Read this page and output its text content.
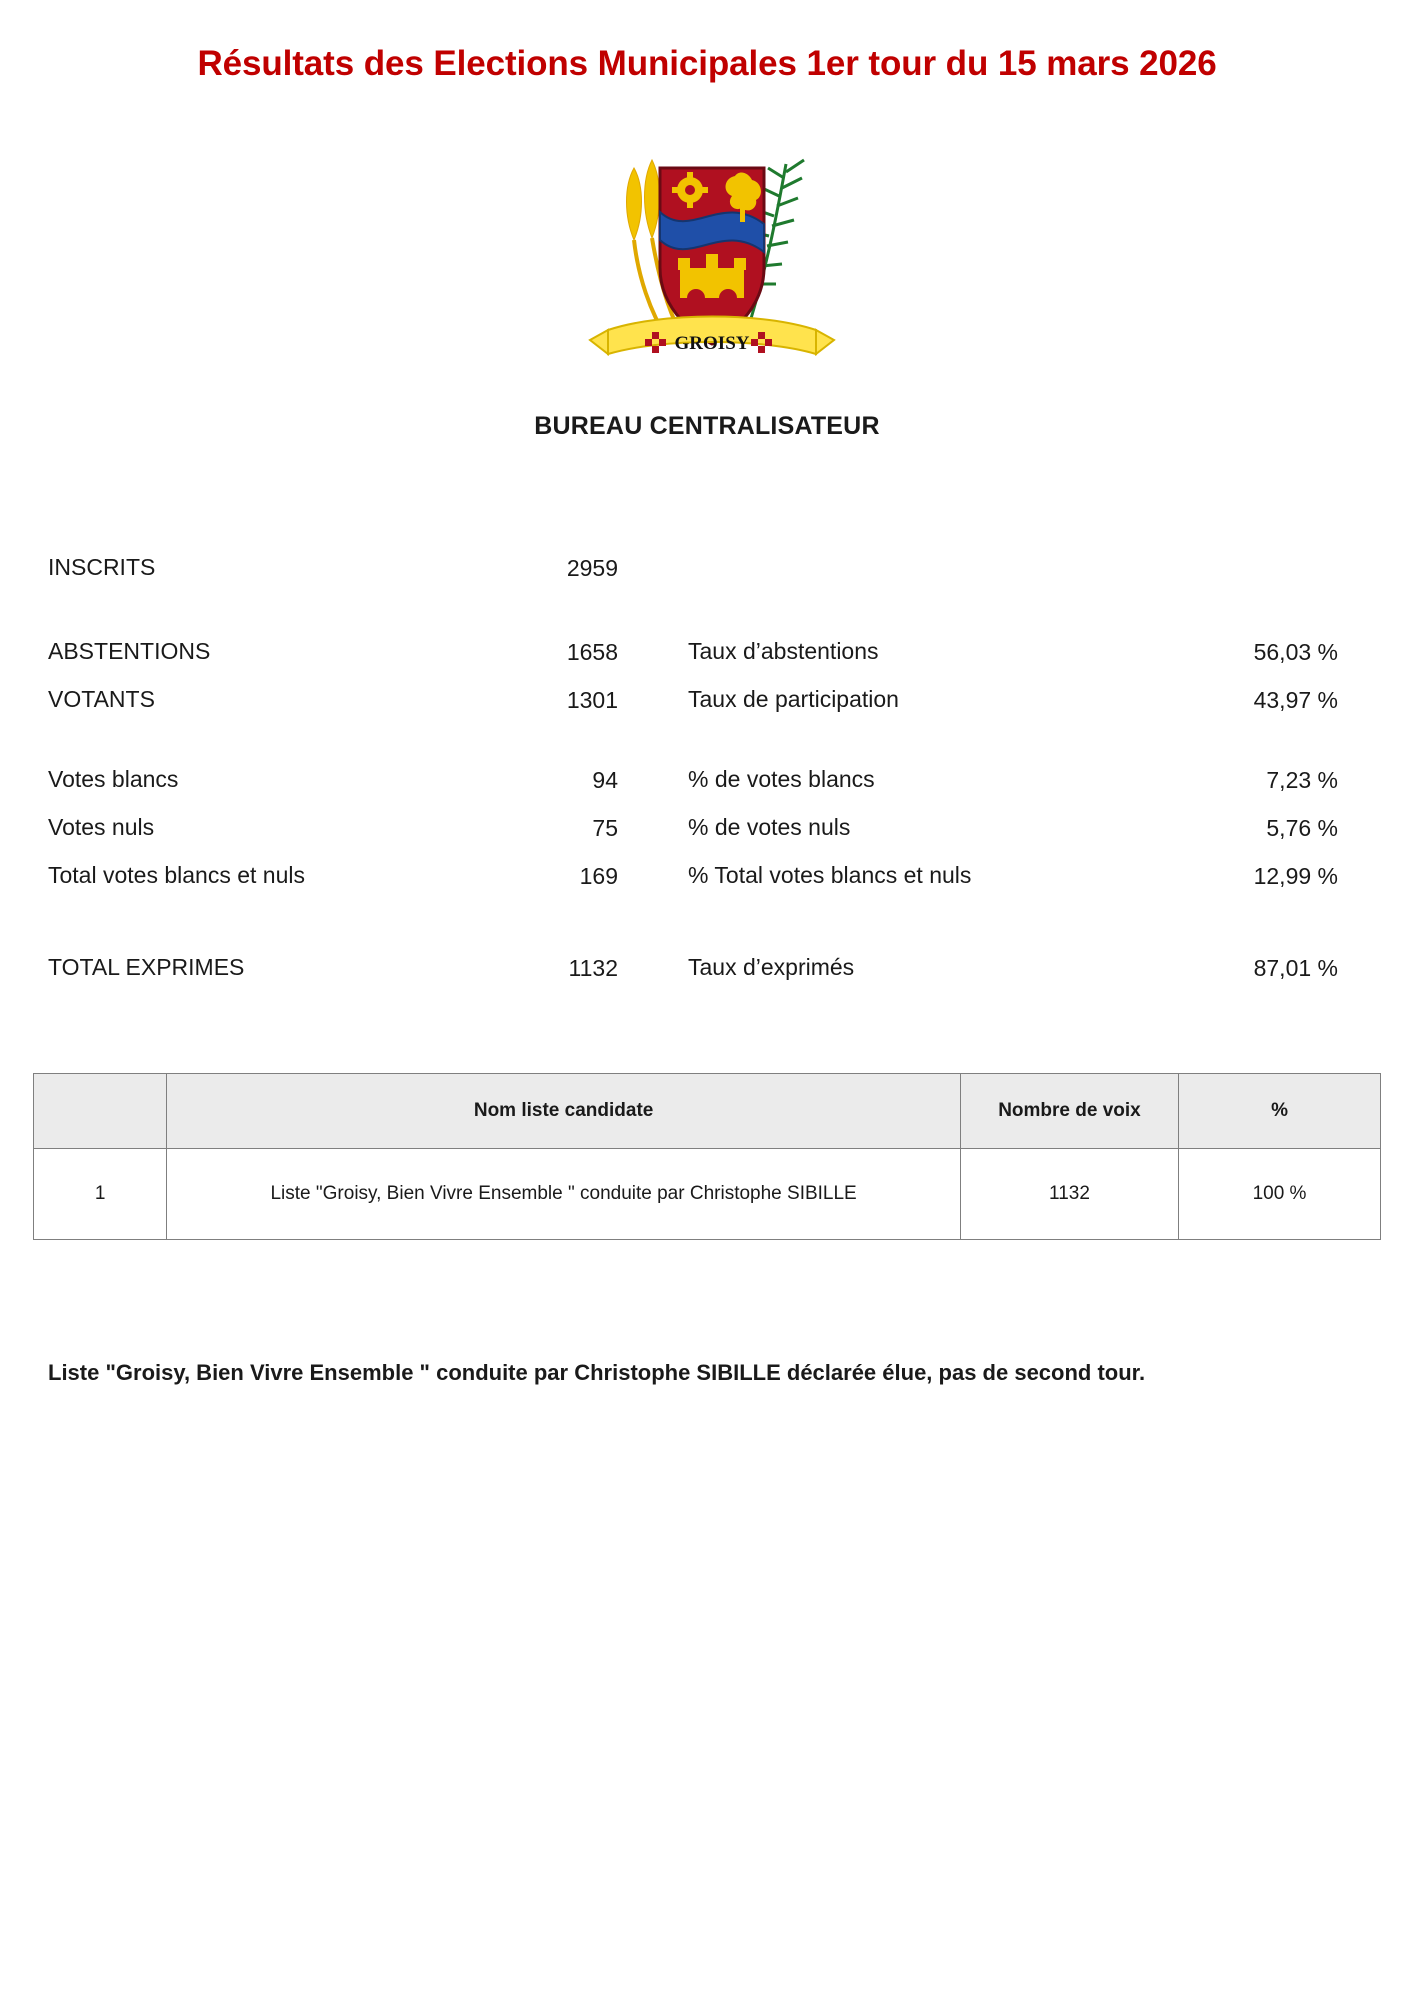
Résultats des Elections Municipales 1er tour du 15 mars 2026
GROISY
BUREAU CENTRALISATEUR
INSCRITS	2959
ABSTENTIONS	1658	Taux d’abstentions	56,03 %
VOTANTS	1301	Taux de participation	43,97 %
Votes blancs	94	% de votes blancs	7,23 %
Votes nuls	75	% de votes nuls	5,76 %
Total votes blancs et nuls	169	% Total votes blancs et nuls	12,99 %
TOTAL EXPRIMES	1132	Taux d’exprimés	87,01 %
	Nom liste candidate	Nombre de voix	%
1	Liste "Groisy, Bien Vivre Ensemble " conduite par Christophe SIBILLE	1132	100 %
Liste "Groisy, Bien Vivre Ensemble " conduite par Christophe SIBILLE déclarée élue, pas de second tour.
